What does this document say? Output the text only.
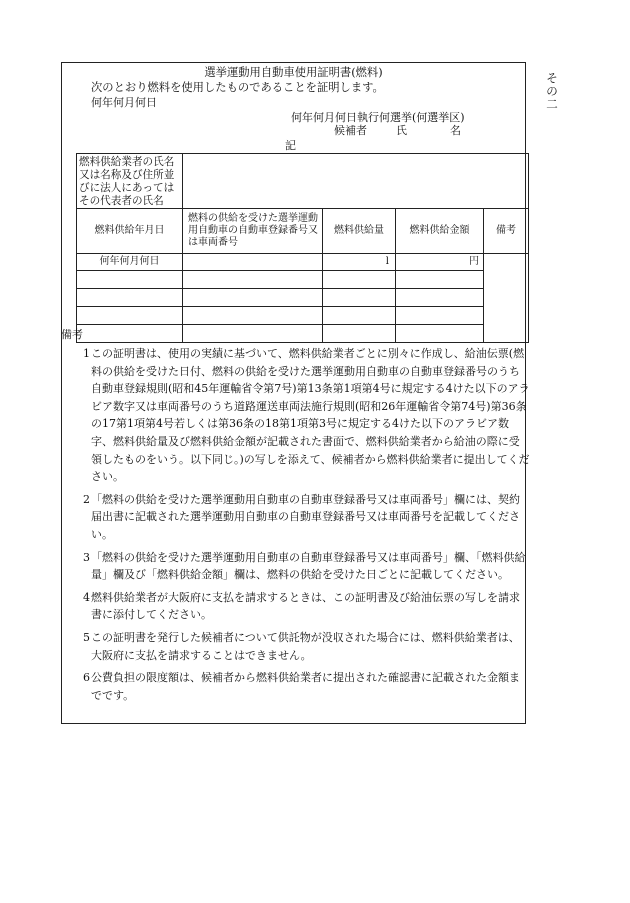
そ
の
二
選挙運動用自動車使用証明書(燃料)
次のとおり燃料を使用したものであることを証明します。
何年何月何日
何年何月何日執行何選挙(何選挙区)
候補者	氏	名
記
燃料供給業者の氏名又は名称及び住所並びに法人にあってはその代表者の氏名				
燃料供給年月日	燃料の供給を受けた選挙運動用自動車の自動車登録番号又は車両番号	燃料供給量	燃料供給金額	備考
何年何月何日		l	円	

備考
1 この証明書は、使用の実績に基づいて、燃料供給業者ごとに別々に作成し、給油伝票(燃料の供給を受けた日付、燃料の供給を受けた選挙運動用自動車の自動車登録番号のうち自動車登録規則(昭和45年運輸省令第7号)第13条第1項第4号に規定する4けた以下のアラビア数字又は車両番号のうち道路運送車両法施行規則(昭和26年運輸省令第74号)第36条の17第1項第4号若しくは第36条の18第1項第3号に規定する4けた以下のアラビア数字、燃料供給量及び燃料供給金額が記載された書面で、燃料供給業者から給油の際に受領したものをいう。以下同じ。)の写しを添えて、候補者から燃料供給業者に提出してください。
2 「燃料の供給を受けた選挙運動用自動車の自動車登録番号又は車両番号」欄には、契約届出書に記載された選挙運動用自動車の自動車登録番号又は車両番号を記載してください。
3 「燃料の供給を受けた選挙運動用自動車の自動車登録番号又は車両番号」欄、「燃料供給量」欄及び「燃料供給金額」欄は、燃料の供給を受けた日ごとに記載してください。
4 燃料供給業者が大阪府に支払を請求するときは、この証明書及び給油伝票の写しを請求書に添付してください。
5 この証明書を発行した候補者について供託物が没収された場合には、燃料供給業者は、大阪府に支払を請求することはできません。
6 公費負担の限度額は、候補者から燃料供給業者に提出された確認書に記載された金額までです。
